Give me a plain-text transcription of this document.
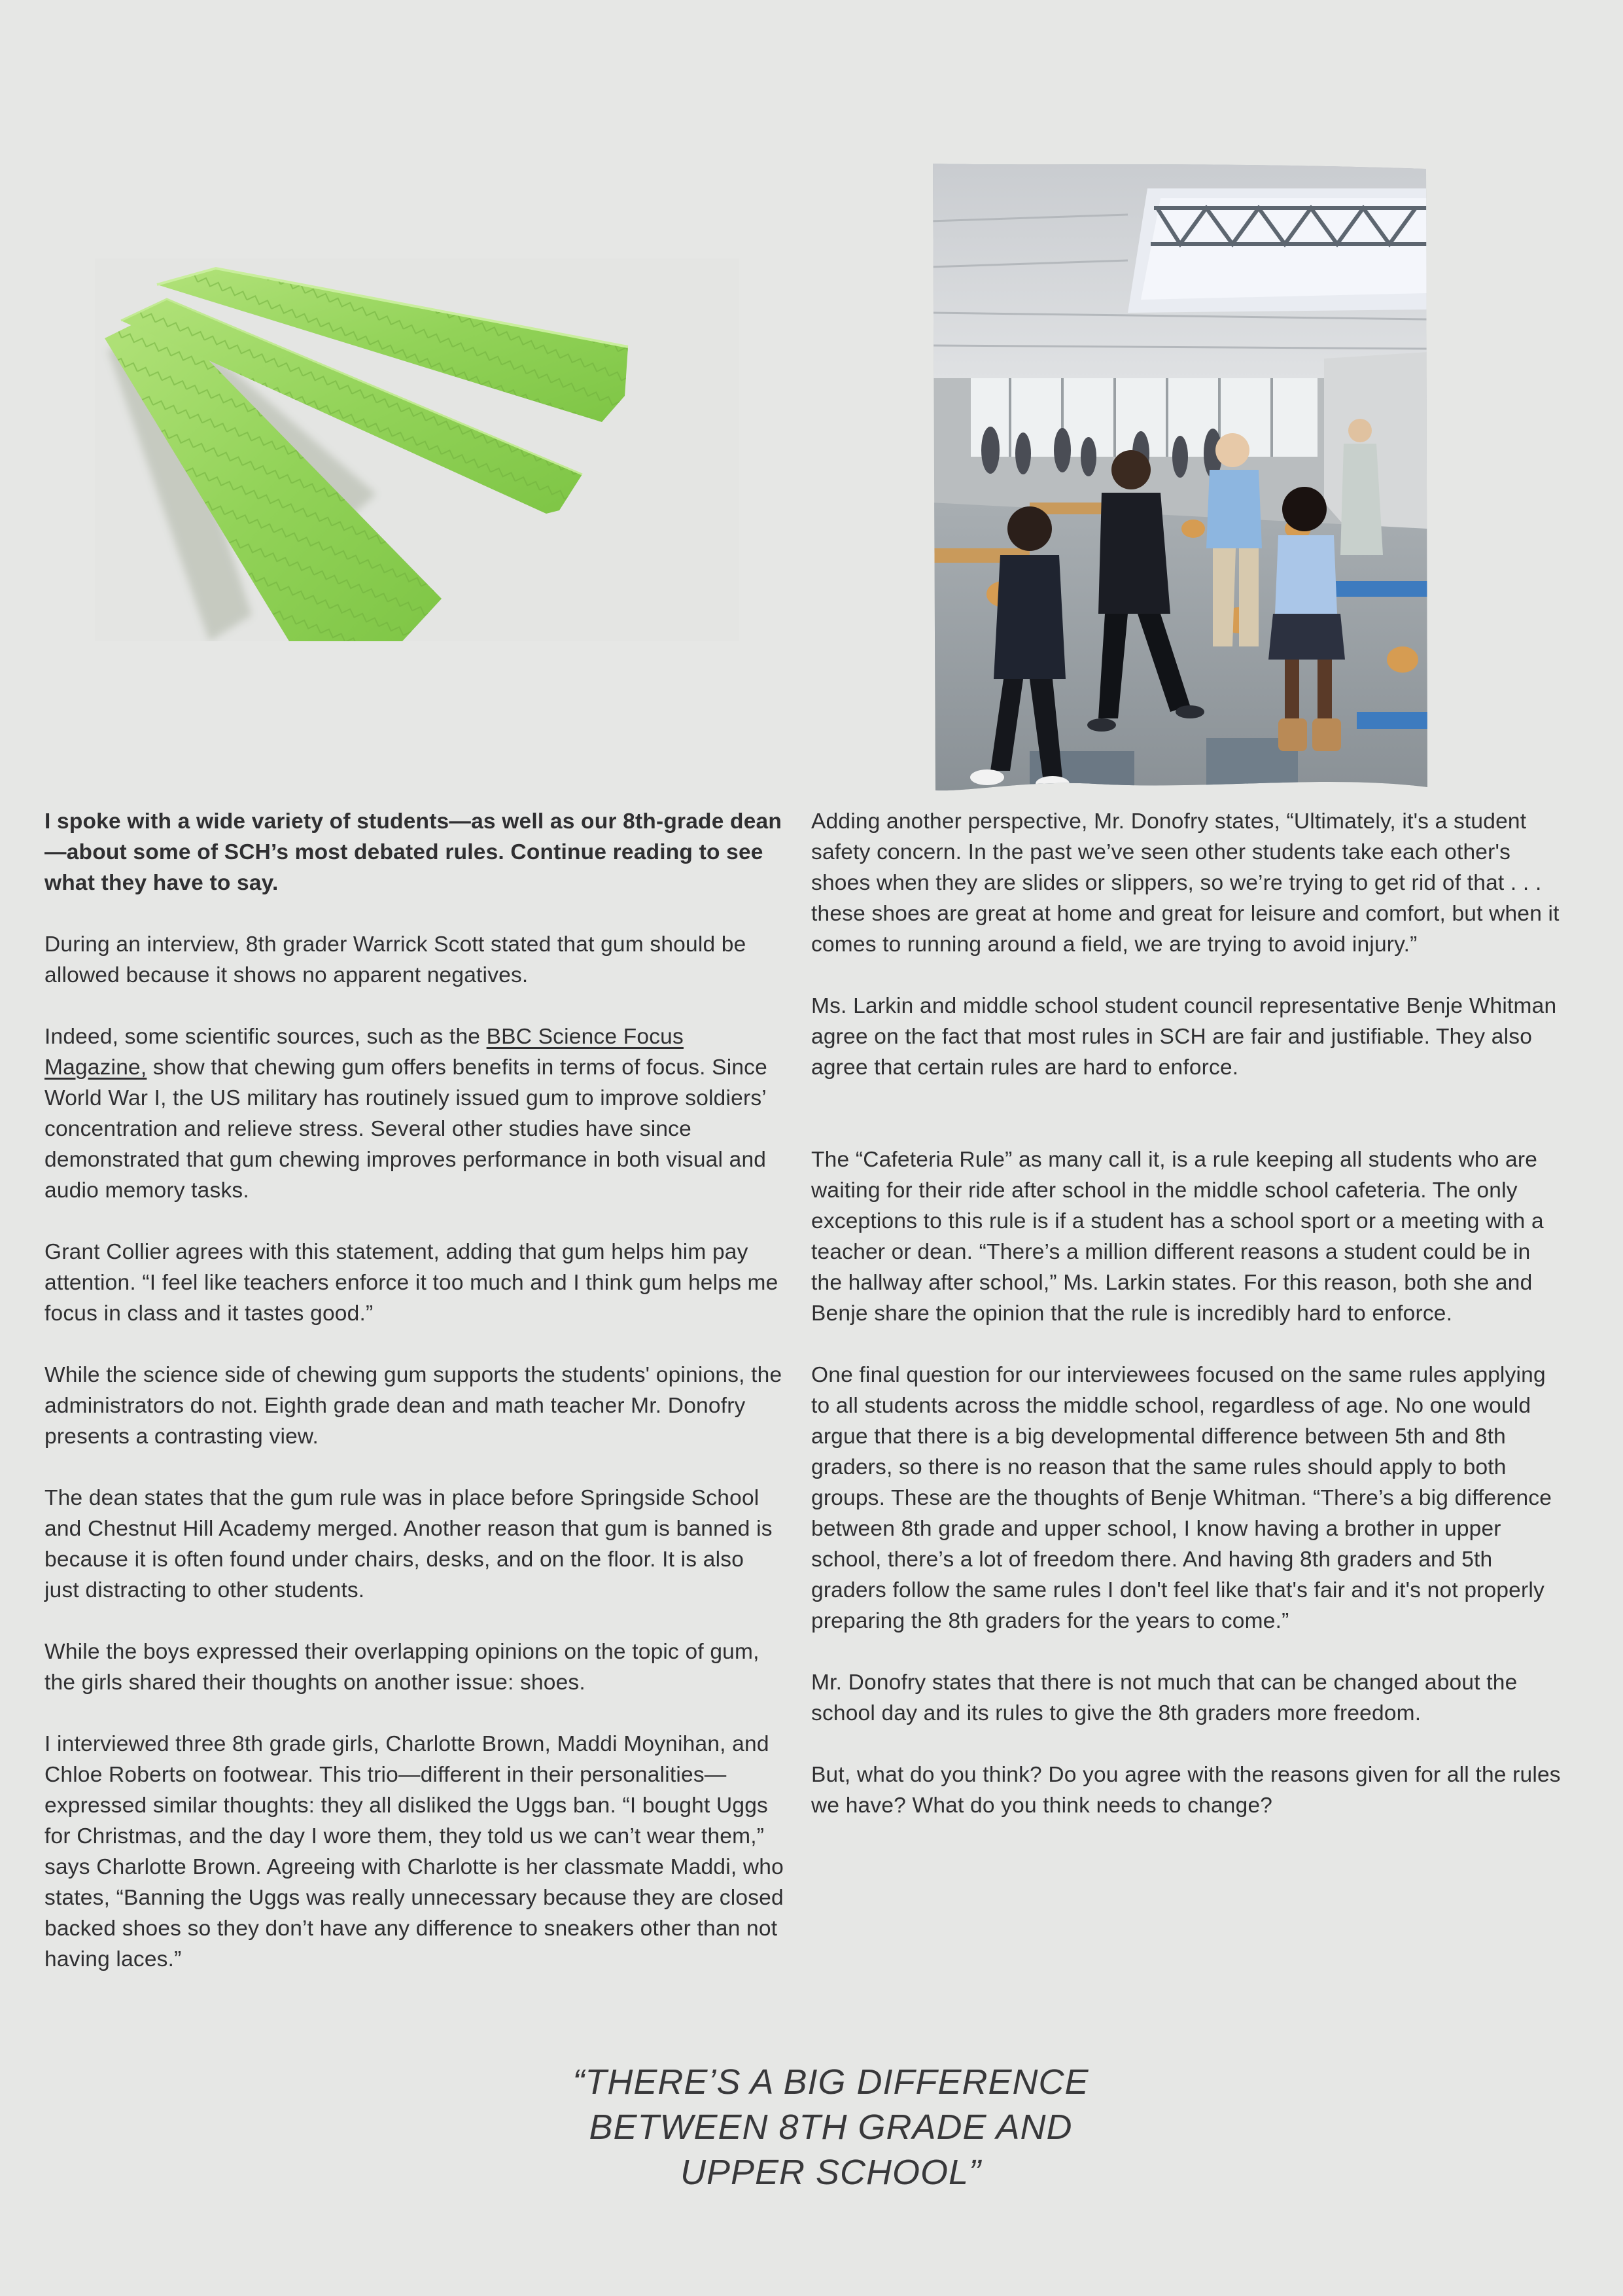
I spoke with a wide variety of students—as well as our 8th-grade dean—about some of SCH’s most debated rules. Continue reading to see what they have to say.

During an interview, 8th grader Warrick Scott stated that gum should be allowed because it shows no apparent negatives.

Indeed, some scientific sources, such as the BBC Science Focus Magazine, show that chewing gum offers benefits in terms of focus. Since World War I, the US military has routinely issued gum to improve soldiers’ concentration and relieve stress. Several other studies have since demonstrated that gum chewing improves performance in both visual and audio memory tasks.

Grant Collier agrees with this statement, adding that gum helps him pay attention. “I feel like teachers enforce it too much and I think gum helps me focus in class and it tastes good.”

While the science side of chewing gum supports the students' opinions, the administrators do not. Eighth grade dean and math teacher Mr. Donofry presents a contrasting view.

The dean states that the gum rule was in place before Springside School and Chestnut Hill Academy merged. Another reason that gum is banned is because it is often found under chairs, desks, and on the floor. It is also just distracting to other students.

While the boys expressed their overlapping opinions on the topic of gum, the girls shared their thoughts on another issue: shoes.

I interviewed three 8th grade girls, Charlotte Brown, Maddi Moynihan, and Chloe Roberts on footwear. This trio—different in their personalities—expressed similar thoughts: they all disliked the Uggs ban. “I bought Uggs for Christmas, and the day I wore them, they told us we can’t wear them,” says Charlotte Brown. Agreeing with Charlotte is her classmate Maddi, who states, “Banning the Uggs was really unnecessary because they are closed backed shoes so they don’t have any difference to sneakers other than not having laces.”

Adding another perspective, Mr. Donofry states, “Ultimately, it's a student safety concern. In the past we’ve seen other students take each other's shoes when they are slides or slippers, so we’re trying to get rid of that . . . these shoes are great at home and great for leisure and comfort, but when it comes to running around a field, we are trying to avoid injury.”

Ms. Larkin and middle school student council representative Benje Whitman agree on the fact that most rules in SCH are fair and justifiable. They also agree that certain rules are hard to enforce.

The “Cafeteria Rule” as many call it, is a rule keeping all students who are waiting for their ride after school in the middle school cafeteria. The only exceptions to this rule is if a student has a school sport or a meeting with a teacher or dean. “There’s a million different reasons a student could be in the hallway after school,” Ms. Larkin states. For this reason, both she and Benje share the opinion that the rule is incredibly hard to enforce.

One final question for our interviewees focused on the same rules applying to all students across the middle school, regardless of age. No one would argue that there is a big developmental difference between 5th and 8th graders, so there is no reason that the same rules should apply to both groups. These are the thoughts of Benje Whitman. “There’s a big difference between 8th grade and upper school, I know having a brother in upper school, there’s a lot of freedom there. And having 8th graders and 5th graders follow the same rules I don't feel like that's fair and it's not properly preparing the 8th graders for the years to come.”

Mr. Donofry states that there is not much that can be changed about the school day and its rules to give the 8th graders more freedom.

But, what do you think? Do you agree with the reasons given for all the rules we have? What do you think needs to change?

“THERE’S A BIG DIFFERENCE
BETWEEN 8TH GRADE AND
UPPER SCHOOL”
